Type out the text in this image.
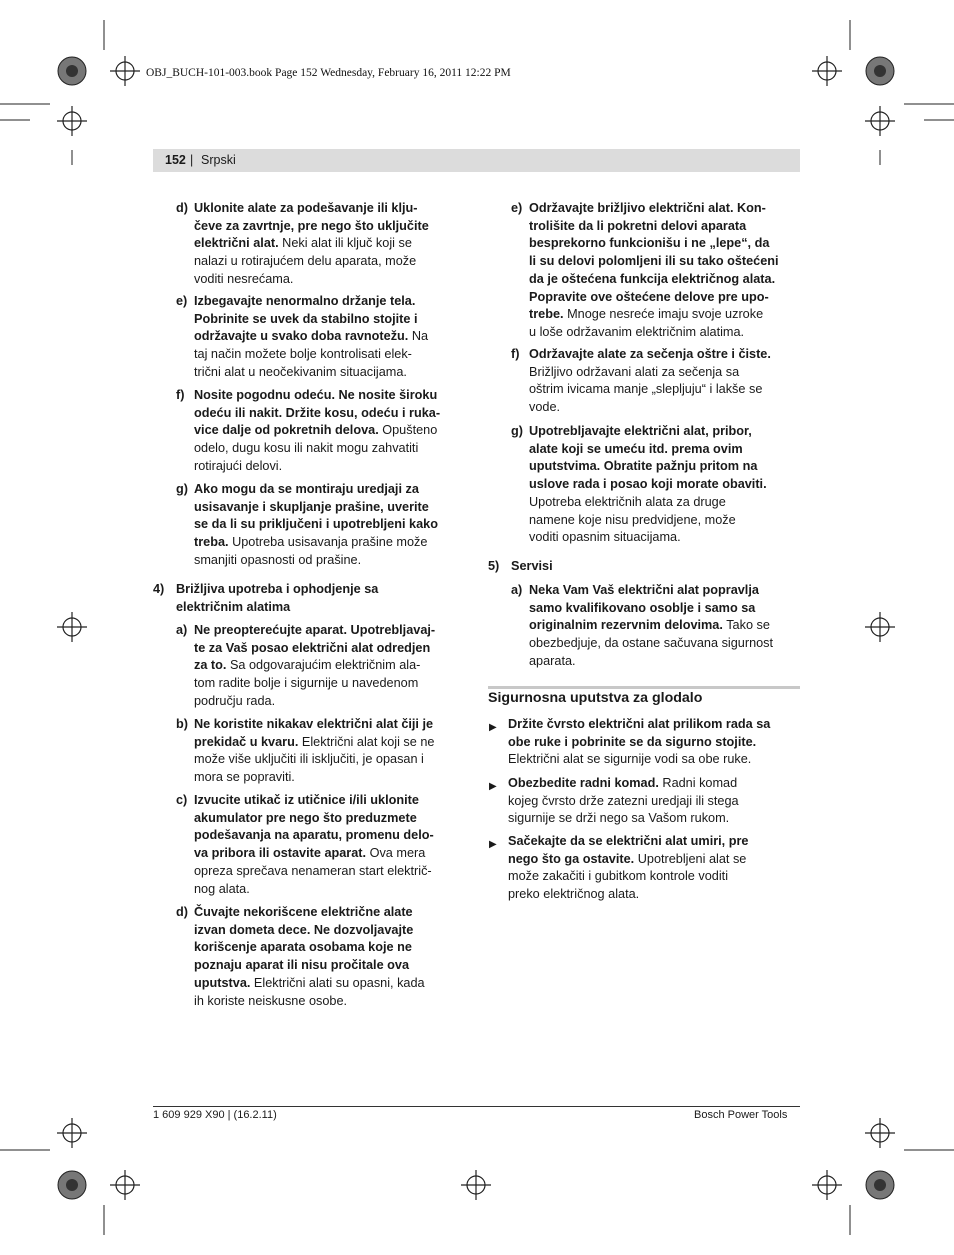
OBJ_BUCH-101-003.book Page 152 Wednesday, February 16, 2011 12:22 PM
152 | Srpski
d) Uklonite alate za podešavanje ili klju-
čeve za zavrtnje, pre nego što uključite
električni alat. Neki alat ili ključ koji se
nalazi u rotirajućem delu aparata, može
voditi nesrećama.
e) Izbegavajte nenormalno držanje tela.
Pobrinite se uvek da stabilno stojite i
održavajte u svako doba ravnotežu. Na
taj način možete bolje kontrolisati elek-
trični alat u neočekivanim situacijama.
f) Nosite pogodnu odeću. Ne nosite široku
odeću ili nakit. Držite kosu, odeću i ruka-
vice dalje od pokretnih delova. Opušteno
odelo, dugu kosu ili nakit mogu zahvatiti
rotirajući delovi.
g) Ako mogu da se montiraju uredjaji za
usisavanje i skupljanje prašine, uverite
se da li su priključeni i upotrebljeni kako
treba. Upotreba usisavanja prašine može
smanjiti opasnosti od prašine.
4) Brižljiva upotreba i ophodjenje sa
električnim alatima
a) Ne preopterećujte aparat. Upotrebljavaj-
te za Vaš posao električni alat odredjen
za to. Sa odgovarajućim električnim ala-
tom radite bolje i sigurnije u navedenom
području rada.
b) Ne koristite nikakav električni alat čiji je
prekidač u kvaru. Električni alat koji se ne
može više uključiti ili isključiti, je opasan i
mora se popraviti.
c) Izvucite utikač iz utičnice i/ili uklonite
akumulator pre nego što preduzmete
podešavanja na aparatu, promenu delo-
va pribora ili ostavite aparat. Ova mera
opreza sprečava nenameran start električ-
nog alata.
d) Čuvajte nekorišcene električne alate
izvan dometa dece. Ne dozvoljavajte
korišcenje aparata osobama koje ne
poznaju aparat ili nisu pročitale ova
uputstva. Električni alati su opasni, kada
ih koriste neiskusne osobe.
e) Održavajte brižljivo električni alat. Kon-
trolišite da li pokretni delovi aparata
besprekorno funkcionišu i ne „lepe“, da
li su delovi polomljeni ili su tako oštećeni
da je oštećena funkcija električnog alata.
Popravite ove oštećene delove pre upo-
trebe. Mnoge nesreće imaju svoje uzroke
u loše održavanim električnim alatima.
f) Održavajte alate za sečenja oštre i čiste.
Brižljivo održavani alati za sečenja sa
oštrim ivicama manje „slepljuju“ i lakše se
vode.
g) Upotrebljavajte električni alat, pribor,
alate koji se umeću itd. prema ovim
uputstvima. Obratite pažnju pritom na
uslove rada i posao koji morate obaviti.
Upotreba električnih alata za druge
namene koje nisu predvidjene, može
voditi opasnim situacijama.
5) Servisi
a) Neka Vam Vaš električni alat popravlja
samo kvalifikovano osoblje i samo sa
originalnim rezervnim delovima. Tako se
obezbedjuje, da ostane sačuvana sigurnost
aparata.
▶ Držite čvrsto električni alat prilikom rada sa
obe ruke i pobrinite se da sigurno stojite.
Električni alat se sigurnije vodi sa obe ruke.
▶ Obezbedite radni komad. Radni komad
kojeg čvrsto drže zatezni uredjaji ili stega
sigurnije se drži nego sa Vašom rukom.
▶ Sačekajte da se električni alat umiri, pre
nego što ga ostavite. Upotrebljeni alat se
može zakačiti i gubitkom kontrole voditi
preko električnog alata.
Sigurnosna uputstva za glodalo
1 609 929 X90 | (16.2.11)	Bosch Power Tools
